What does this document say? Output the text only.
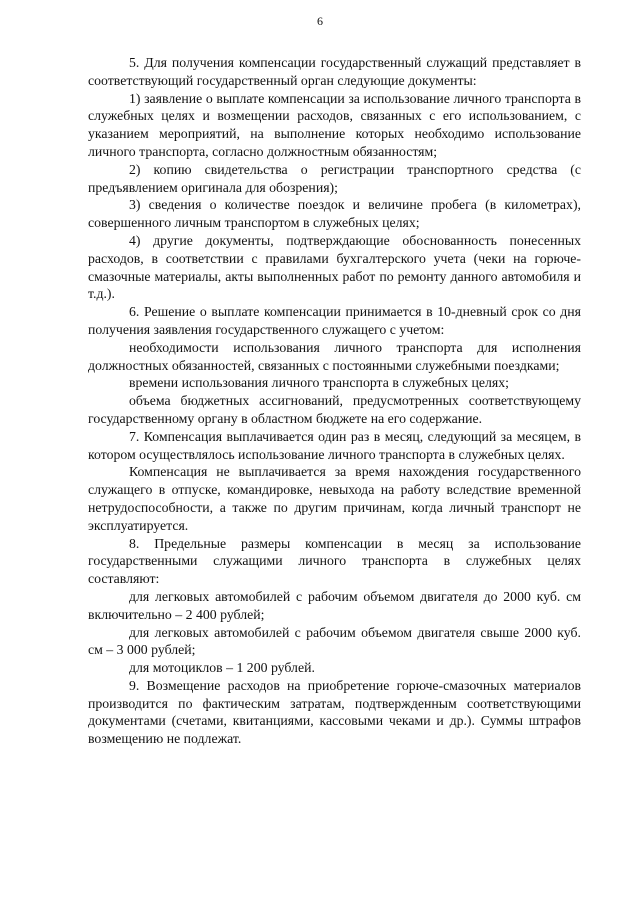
6

5. Для получения компенсации государственный служащий представляет в соответствующий государственный орган следующие документы:

1) заявление о выплате компенсации за использование личного транспорта в служебных целях и возмещении расходов, связанных с его использованием, с указанием мероприятий, на выполнение которых необходимо использование личного транспорта, согласно должностным обязанностям;

2) копию свидетельства о регистрации транспортного средства (с предъявлением оригинала для обозрения);

3) сведения о количестве поездок и величине пробега (в километрах), совершенного личным транспортом в служебных целях;

4) другие документы, подтверждающие обоснованность понесенных расходов, в соответствии с правилами бухгалтерского учета (чеки на горюче-смазочные материалы, акты выполненных работ по ремонту данного автомобиля и т.д.).

6. Решение о выплате компенсации принимается в 10-дневный срок со дня получения заявления государственного служащего с учетом:

необходимости использования личного транспорта для исполнения должностных обязанностей, связанных с постоянными служебными поездками;

времени использования личного транспорта в служебных целях;

объема бюджетных ассигнований, предусмотренных соответствующему государственному органу в областном бюджете на его содержание.

7. Компенсация выплачивается один раз в месяц, следующий за месяцем, в котором осуществлялось использование личного транспорта в служебных целях.

Компенсация не выплачивается за время нахождения государственного служащего в отпуске, командировке, невыхода на работу вследствие временной нетрудоспособности, а также по другим причинам, когда личный транспорт не эксплуатируется.

8. Предельные размеры компенсации в месяц за использование государственными служащими личного транспорта в служебных целях составляют:

для легковых автомобилей с рабочим объемом двигателя до 2000 куб. см включительно – 2 400 рублей;

для легковых автомобилей с рабочим объемом двигателя свыше 2000 куб. см – 3 000 рублей;

для мотоциклов – 1 200 рублей.

9. Возмещение расходов на приобретение горюче-смазочных материалов производится по фактическим затратам, подтвержденным соответствующими документами (счетами, квитанциями, кассовыми чеками и др.). Суммы штрафов возмещению не подлежат.
